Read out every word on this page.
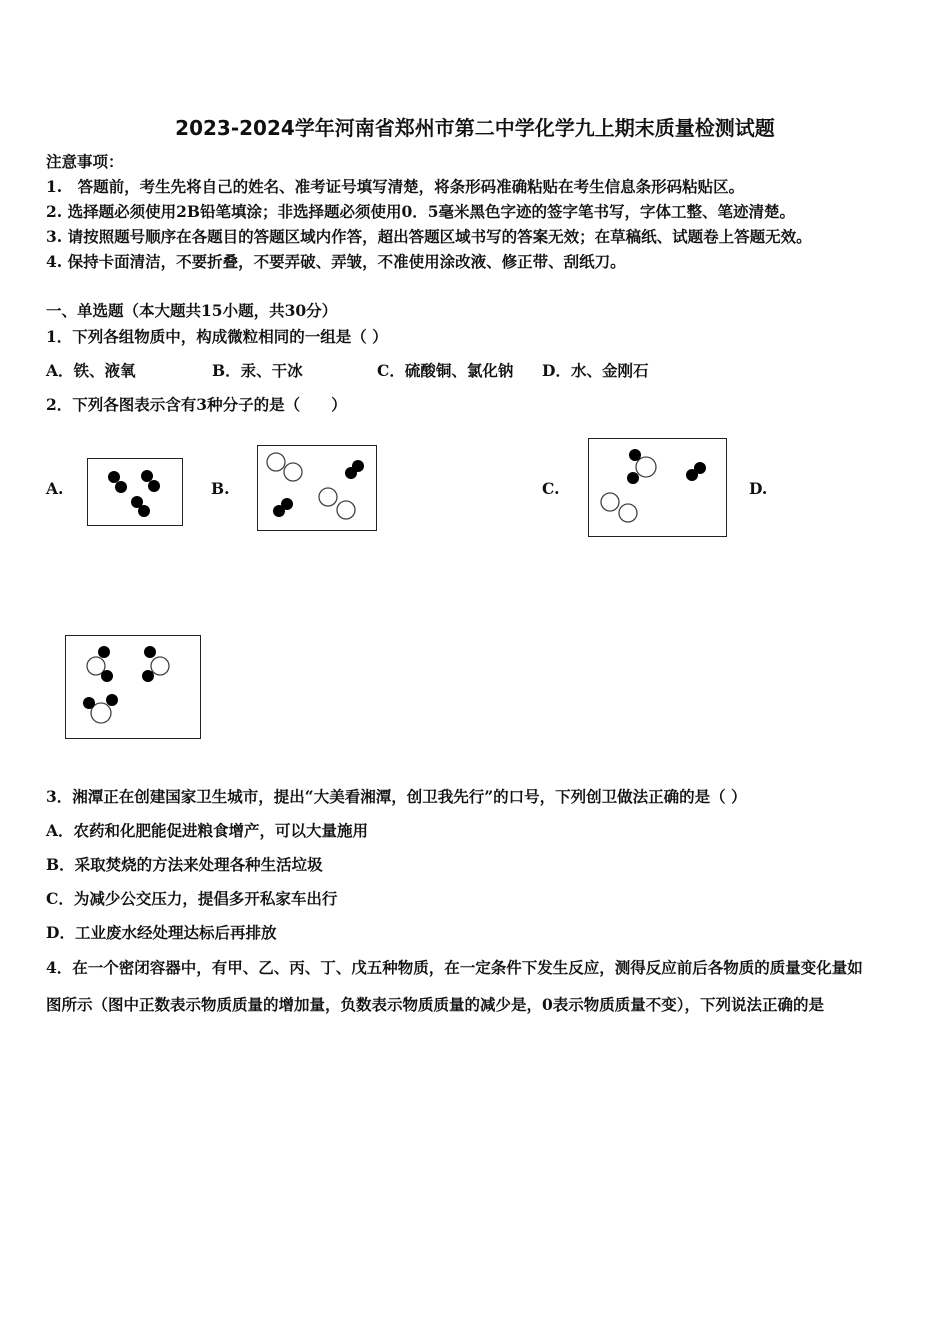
2023-2024学年河南省郑州市第二中学化学九上期末质量检测试题
注意事项：
1.　答题前，考生先将自己的姓名、准考证号填写清楚，将条形码准确粘贴在考生信息条形码粘贴区。
2. 选择题必须使用2B铅笔填涂；非选择题必须使用0．5毫米黑色字迹的签字笔书写，字体工整、笔迹清楚。
3. 请按照题号顺序在各题目的答题区域内作答，超出答题区域书写的答案无效；在草稿纸、试题卷上答题无效。
4. 保持卡面清洁，不要折叠，不要弄破、弄皱，不准使用涂改液、修正带、刮纸刀。
一、单选题（本大题共15小题，共30分）
1．下列各组物质中，构成微粒相同的一组是（ ）
A．铁、液氧	B．汞、干冰	C．硫酸铜、氯化钠 D．水、金刚石
2．下列各图表示含有3种分子的是（　　）
A.	B.	C.	D.
3．湘潭正在创建国家卫生城市，提出“大美看湘潭，创卫我先行”的口号，下列创卫做法正确的是（ ）
A．农药和化肥能促进粮食增产，可以大量施用
B．采取焚烧的方法来处理各种生活垃圾
C．为减少公交压力，提倡多开私家车出行
D．工业废水经处理达标后再排放
4．在一个密闭容器中，有甲、乙、丙、丁、戊五种物质，在一定条件下发生反应，测得反应前后各物质的质量变化量如
图所示（图中正数表示物质质量的增加量，负数表示物质质量的减少是，0表示物质质量不变），下列说法正确的是
